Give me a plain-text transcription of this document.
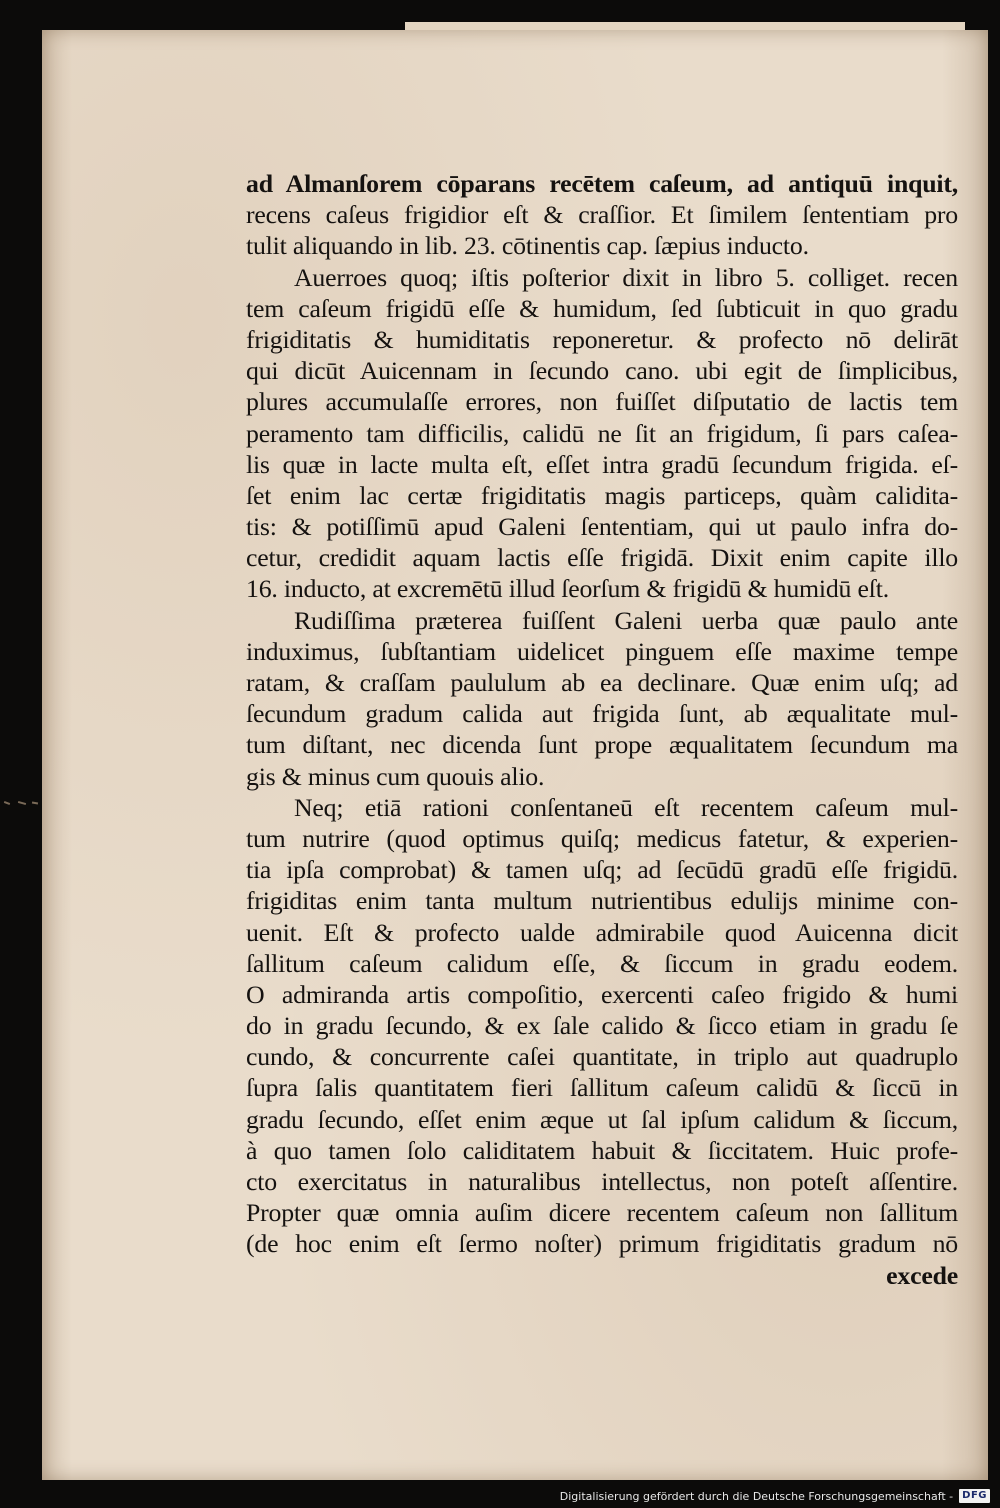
ad Almanſorem cōparans recētem caſeum, ad antiquū inquit,
recens caſeus frigidior eſt & craſſior. Et ſimilem ſententiam pro
tulit aliquando in lib. 23. cōtinentis cap. ſæpius inducto.
Auerroes quoq; iſtis poſterior dixit in libro 5. colliget. recen
tem caſeum frigidū eſſe & humidum, ſed ſubticuit in quo gradu
frigiditatis & humiditatis reponeretur. & profecto nō delirāt
qui dicūt Auicennam in ſecundo cano. ubi egit de ſimplicibus,
plures accumulaſſe errores, non fuiſſet diſputatio de lactis tem
peramento tam difficilis, calidū ne ſit an frigidum, ſi pars caſea-
lis quæ in lacte multa eſt, eſſet intra gradū ſecundum frigida. eſ-
ſet enim lac certæ frigiditatis magis particeps, quàm calidita-
tis: & potiſſimū apud Galeni ſententiam, qui ut paulo infra do-
cetur, credidit aquam lactis eſſe frigidā. Dixit enim capite illo
16. inducto, at excremētū illud ſeorſum & frigidū & humidū eſt.
Rudiſſima præterea fuiſſent Galeni uerba quæ paulo ante
induximus, ſubſtantiam uidelicet pinguem eſſe maxime tempe
ratam, & craſſam paululum ab ea declinare. Quæ enim uſq; ad
ſecundum gradum calida aut frigida ſunt, ab æqualitate mul-
tum diſtant, nec dicenda ſunt prope æqualitatem ſecundum ma
gis & minus cum quouis alio.
Neq; etiā rationi conſentaneū eſt recentem caſeum mul-
tum nutrire (quod optimus quiſq; medicus fatetur, & experien-
tia ipſa comprobat) & tamen uſq; ad ſecūdū gradū eſſe frigidū.
frigiditas enim tanta multum nutrientibus edulijs minime con-
uenit. Eſt & profecto ualde admirabile quod Auicenna dicit
ſallitum caſeum calidum eſſe, & ſiccum in gradu eodem.
O admiranda artis compoſitio, exercenti caſeo frigido & humi
do in gradu ſecundo, & ex ſale calido & ſicco etiam in gradu ſe
cundo, & concurrente caſei quantitate, in triplo aut quadruplo
ſupra ſalis quantitatem fieri ſallitum caſeum calidū & ſiccū in
gradu ſecundo, eſſet enim æque ut ſal ipſum calidum & ſiccum,
à quo tamen ſolo caliditatem habuit & ſiccitatem. Huic profe-
cto exercitatus in naturalibus intellectus, non poteſt aſſentire.
Propter quæ omnia auſim dicere recentem caſeum non ſallitum
(de hoc enim eſt ſermo noſter) primum frigiditatis gradum nō
excede
Digitalisierung gefördert durch die Deutsche Forschungsgemeinschaft - DFG
